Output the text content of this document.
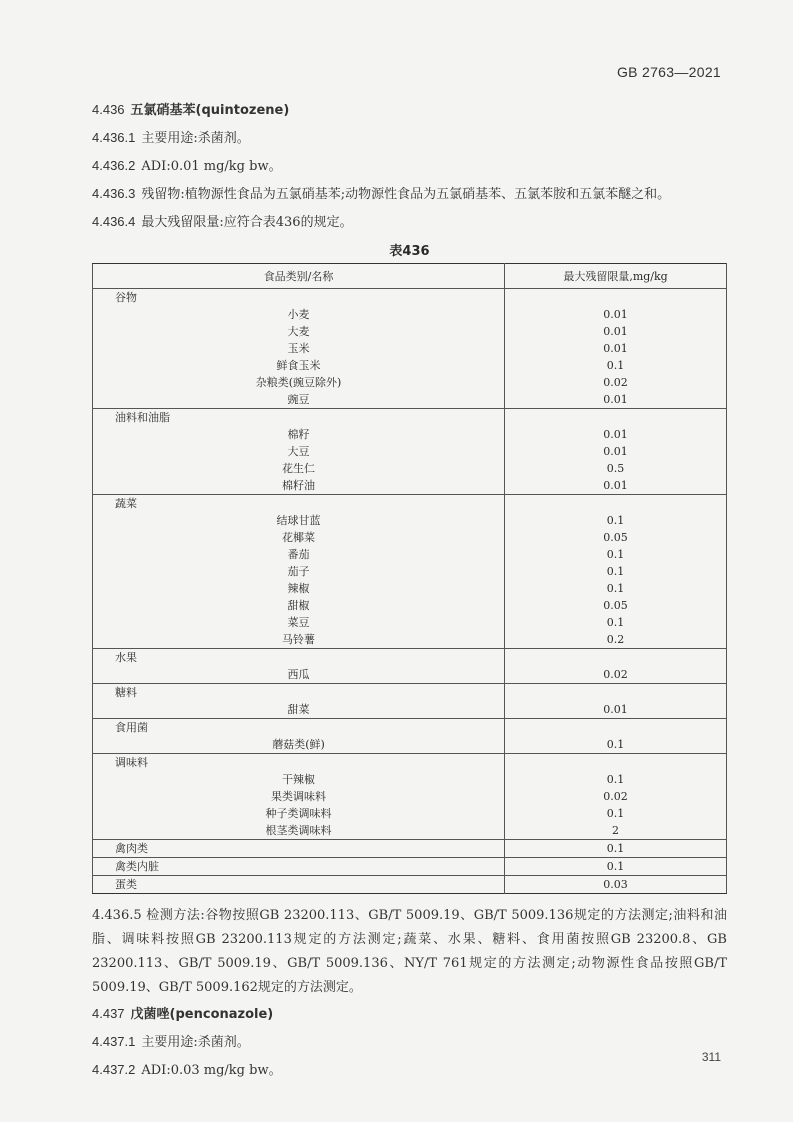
GB 2763—2021
4.436 五氯硝基苯(quintozene)
4.436.1 主要用途:杀菌剂。
4.436.2 ADI:0.01 mg/kg bw。
4.436.3 残留物:植物源性食品为五氯硝基苯;动物源性食品为五氯硝基苯、五氯苯胺和五氯苯醚之和。
4.436.4 最大残留限量:应符合表436的规定。
表436
食品类别/名称	最大残留限量,mg/kg
谷物	
小麦	0.01
大麦	0.01
玉米	0.01
鲜食玉米	0.1
杂粮类(豌豆除外)	0.02
豌豆	0.01
油料和油脂	
棉籽	0.01
大豆	0.01
花生仁	0.5
棉籽油	0.01
蔬菜	
结球甘蓝	0.1
花椰菜	0.05
番茄	0.1
茄子	0.1
辣椒	0.1
甜椒	0.05
菜豆	0.1
马铃薯	0.2
水果	
西瓜	0.02
糖料	
甜菜	0.01
食用菌	
蘑菇类(鲜)	0.1
调味料	
干辣椒	0.1
果类调味料	0.02
种子类调味料	0.1
根茎类调味料	2
禽肉类	0.1
禽类内脏	0.1
蛋类	0.03
4.436.5 检测方法:谷物按照GB 23200.113、GB/T 5009.19、GB/T 5009.136规定的方法测定;油料和油脂、调味料按照GB 23200.113规定的方法测定;蔬菜、水果、糖料、食用菌按照GB 23200.8、GB 23200.113、GB/T 5009.19、GB/T 5009.136、NY/T 761规定的方法测定;动物源性食品按照GB/T 5009.19、GB/T 5009.162规定的方法测定。
4.437 戊菌唑(penconazole)
4.437.1 主要用途:杀菌剂。
4.437.2 ADI:0.03 mg/kg bw。
311
